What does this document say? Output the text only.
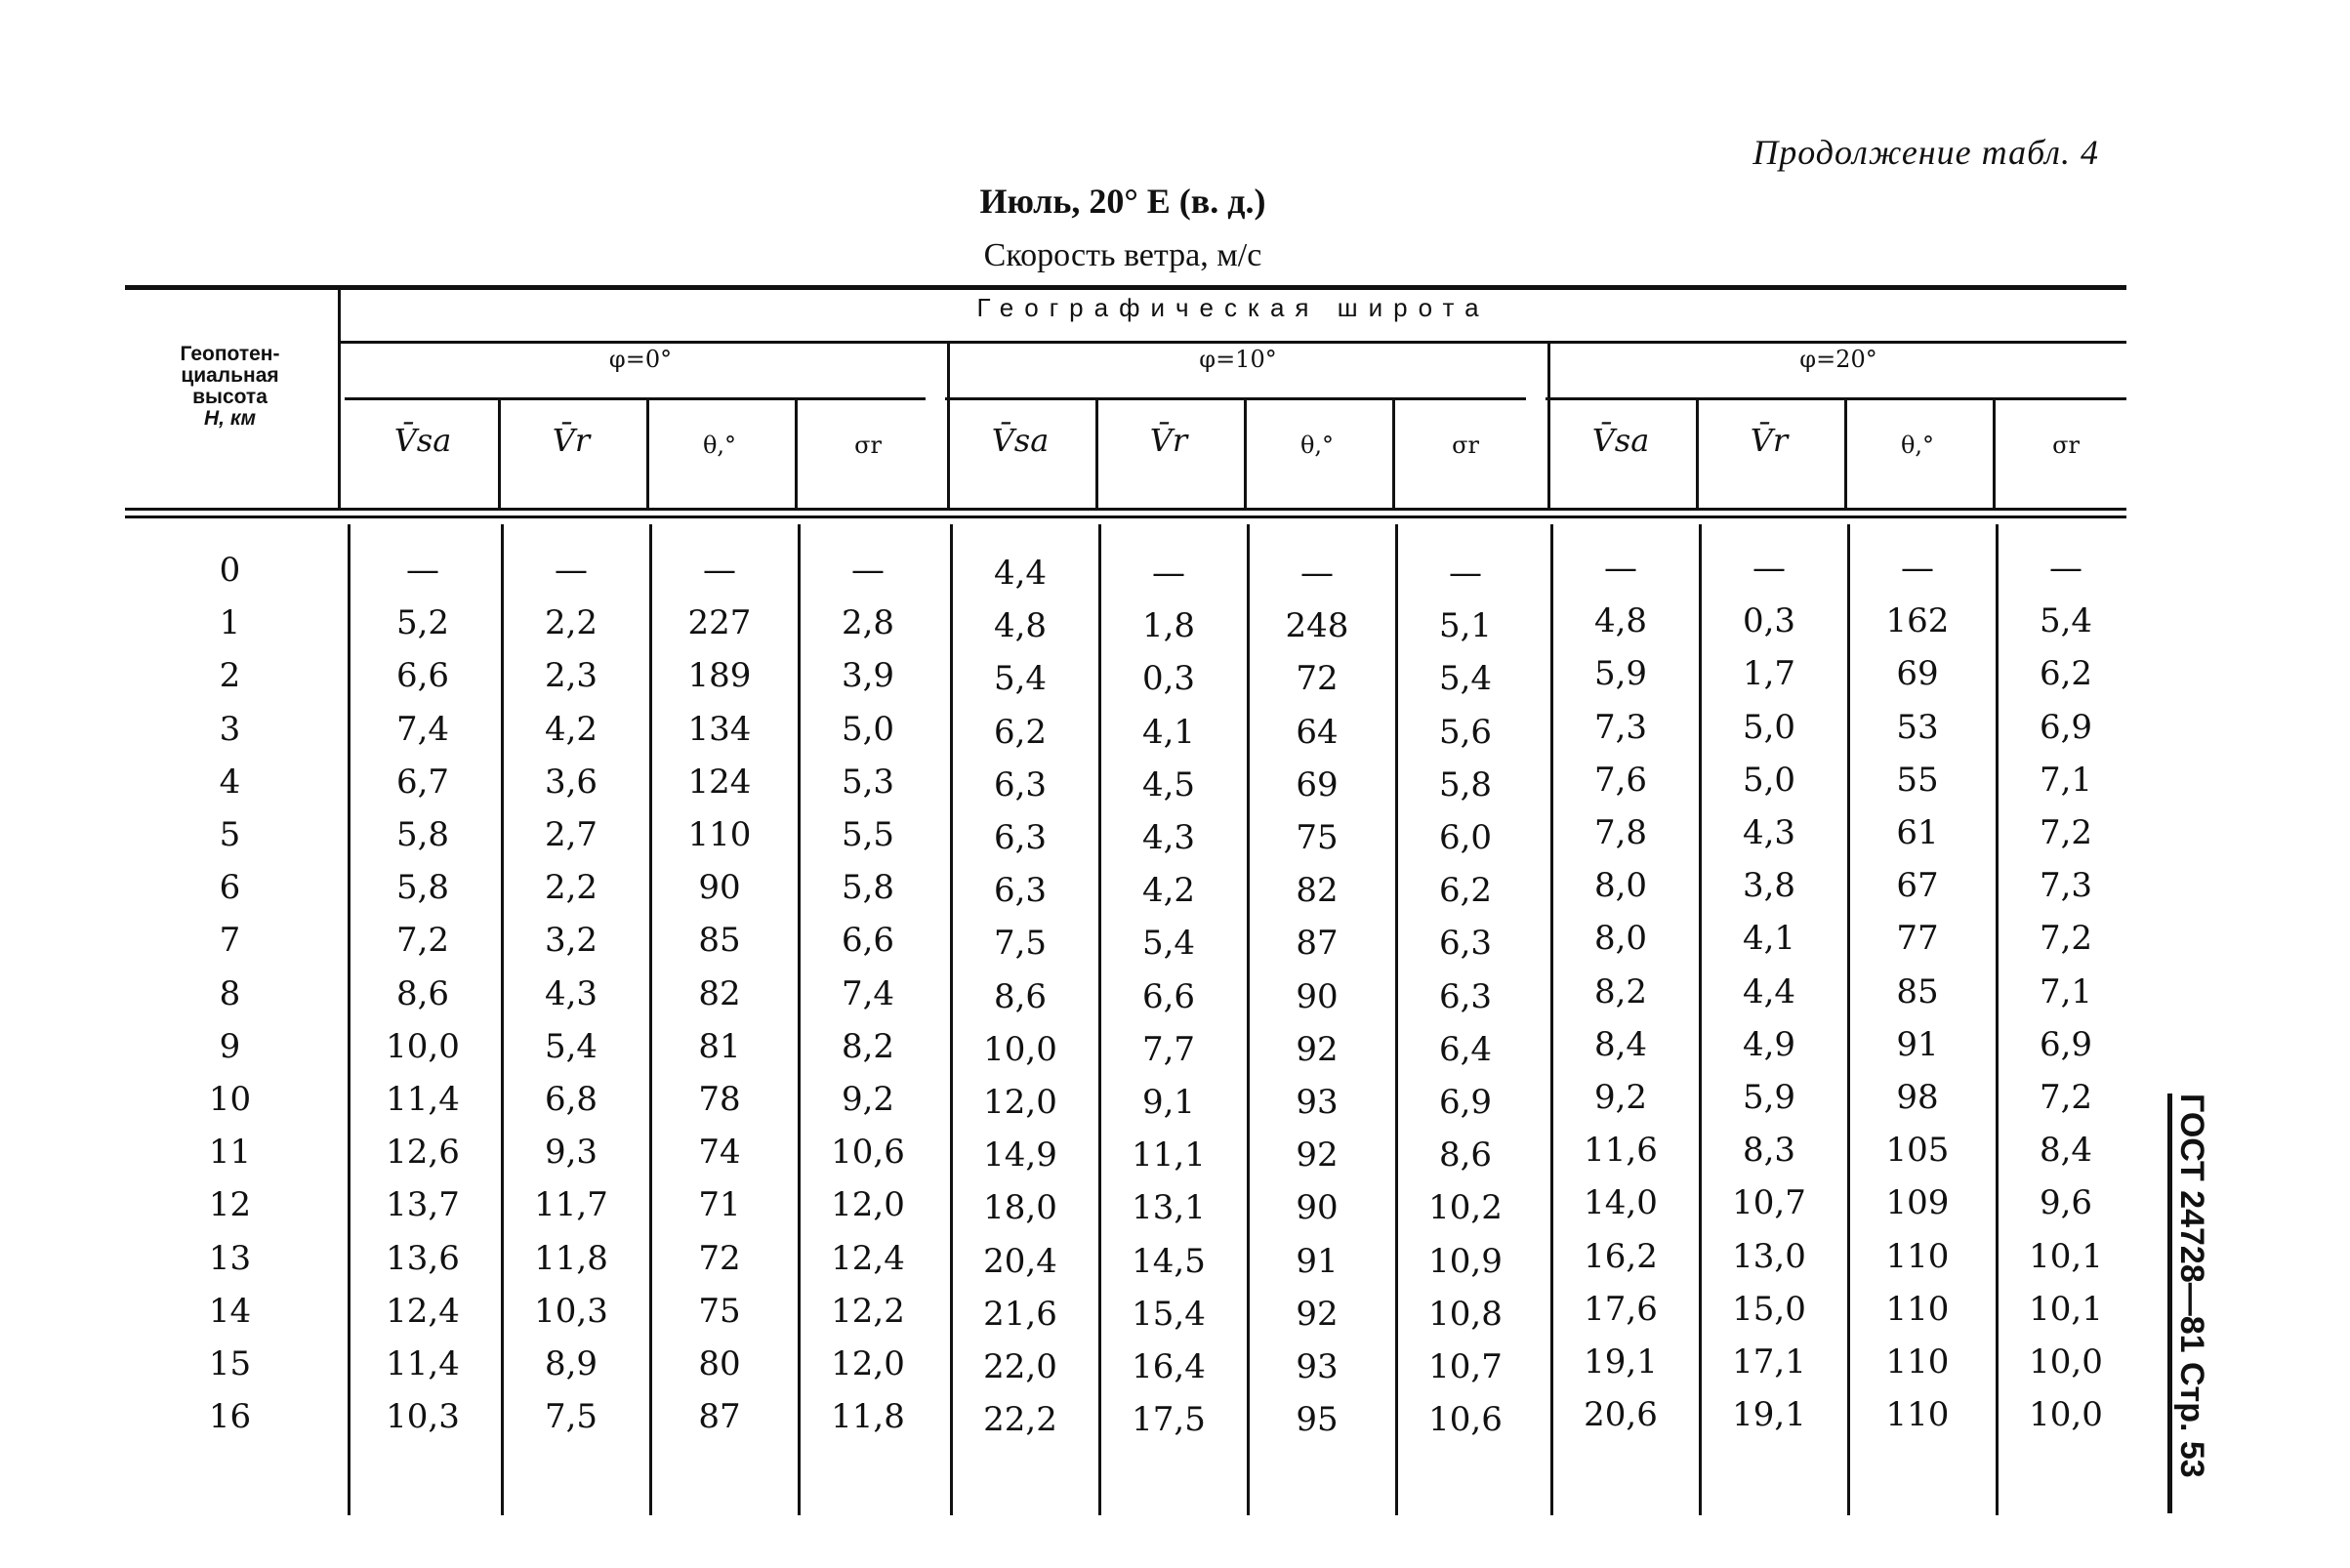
Продолжение табл. 4
Июль, 20° Е (в. д.)
Скорость ветра, м/с
ГОСТ 24728—81 Стр. 53
Геопотен-
циальная
высота
H, км
Географическая широта
φ=0°	φ=10°	φ=20°
V̄sa	V̄r	θ,°	σr	V̄sa	V̄r	θ,°	σr	V̄sa	V̄r	θ,°	σr
0	—	—	—	—	4,4	—	—	—	—	—	—	—
1	5,2	2,2	227	2,8	4,8	1,8	248	5,1	4,8	0,3	162	5,4
2	6,6	2,3	189	3,9	5,4	0,3	72	5,4	5,9	1,7	69	6,2
3	7,4	4,2	134	5,0	6,2	4,1	64	5,6	7,3	5,0	53	6,9
4	6,7	3,6	124	5,3	6,3	4,5	69	5,8	7,6	5,0	55	7,1
5	5,8	2,7	110	5,5	6,3	4,3	75	6,0	7,8	4,3	61	7,2
6	5,8	2,2	90	5,8	6,3	4,2	82	6,2	8,0	3,8	67	7,3
7	7,2	3,2	85	6,6	7,5	5,4	87	6,3	8,0	4,1	77	7,2
8	8,6	4,3	82	7,4	8,6	6,6	90	6,3	8,2	4,4	85	7,1
9	10,0	5,4	81	8,2	10,0	7,7	92	6,4	8,4	4,9	91	6,9
10	11,4	6,8	78	9,2	12,0	9,1	93	6,9	9,2	5,9	98	7,2
11	12,6	9,3	74	10,6	14,9	11,1	92	8,6	11,6	8,3	105	8,4
12	13,7	11,7	71	12,0	18,0	13,1	90	10,2	14,0	10,7	109	9,6
13	13,6	11,8	72	12,4	20,4	14,5	91	10,9	16,2	13,0	110	10,1
14	12,4	10,3	75	12,2	21,6	15,4	92	10,8	17,6	15,0	110	10,1
15	11,4	8,9	80	12,0	22,0	16,4	93	10,7	19,1	17,1	110	10,0
16	10,3	7,5	87	11,8	22,2	17,5	95	10,6	20,6	19,1	110	10,0
